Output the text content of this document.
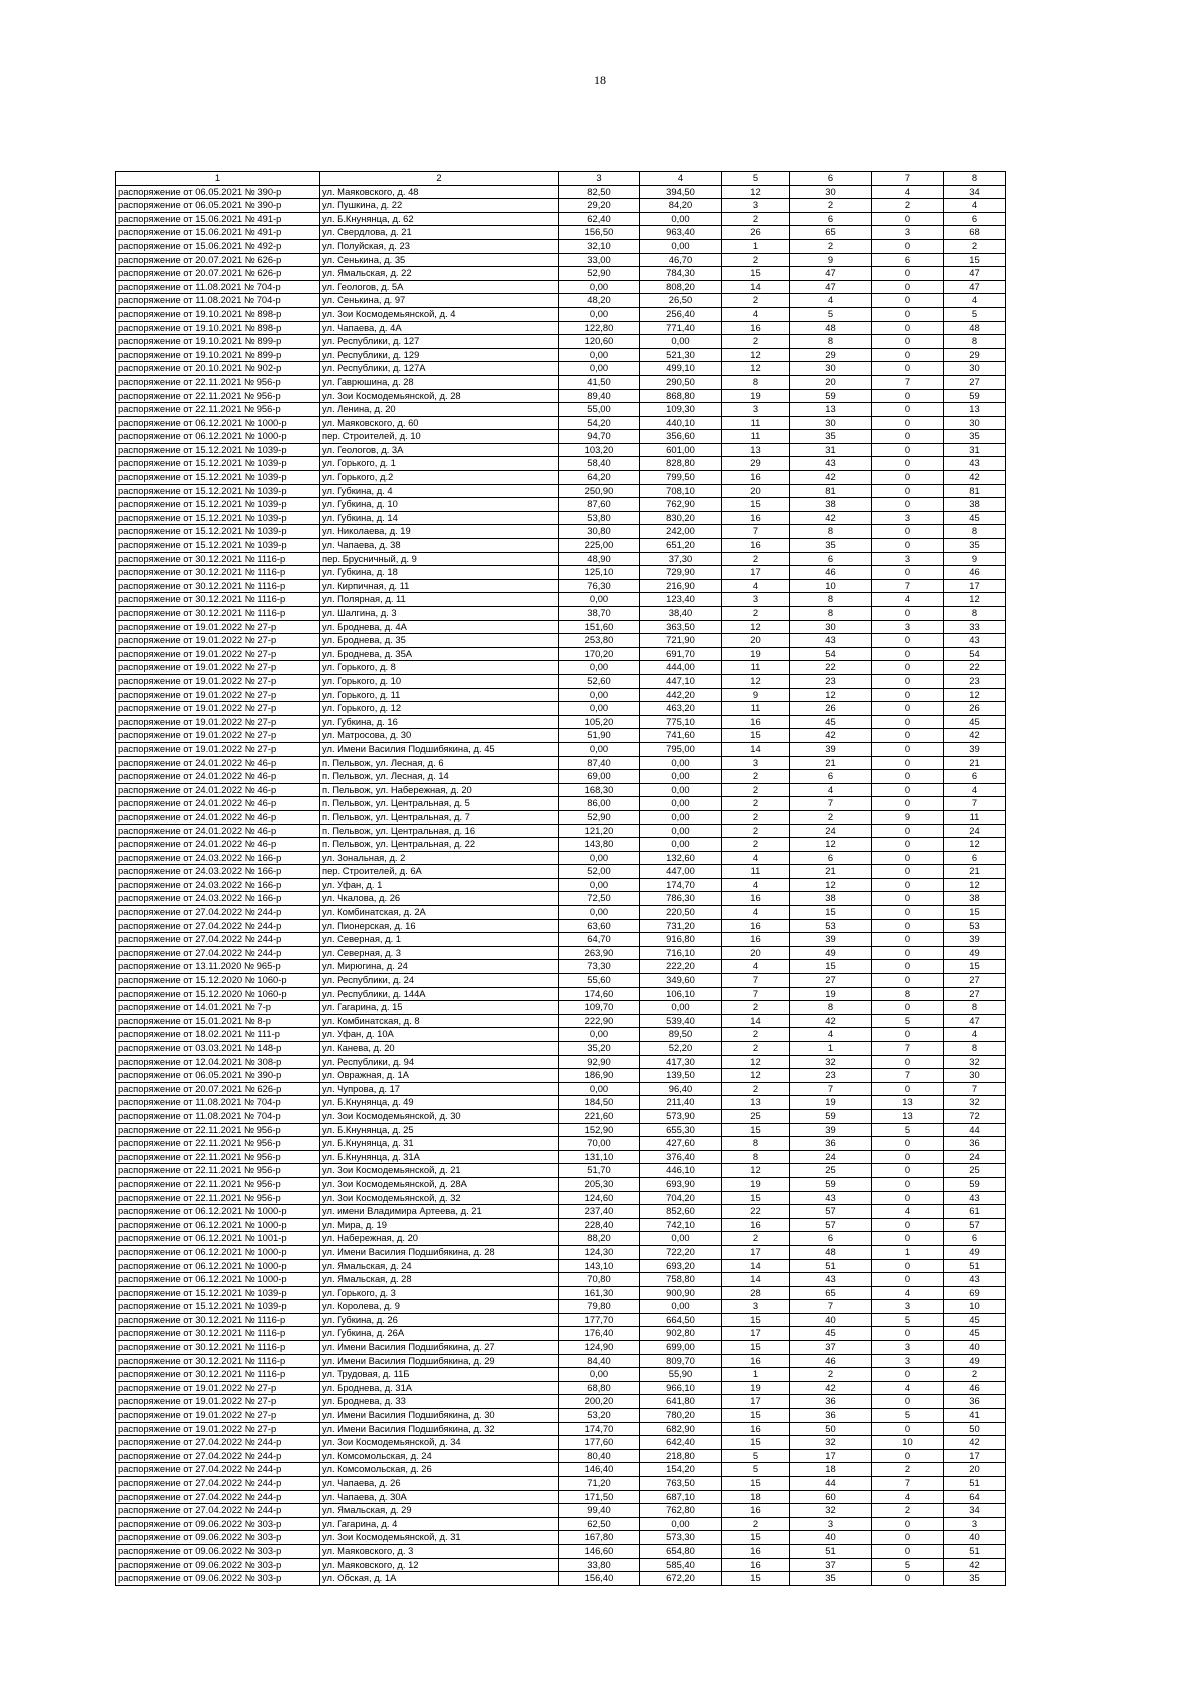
18
1	2	3	4	5	6	7	8
распоряжение от 06.05.2021 № 390-р	ул. Маяковского, д. 48	82,50	394,50	12	30	4	34
распоряжение от 06.05.2021 № 390-р	ул. Пушкина, д. 22	29,20	84,20	3	2	2	4
распоряжение от 15.06.2021 № 491-р	ул. Б.Кнунянца, д. 62	62,40	0,00	2	6	0	6
распоряжение от 15.06.2021 № 491-р	ул. Свердлова, д. 21	156,50	963,40	26	65	3	68
распоряжение от 15.06.2021 № 492-р	ул. Полуйская, д. 23	32,10	0,00	1	2	0	2
распоряжение от 20.07.2021 № 626-р	ул. Сенькина, д. 35	33,00	46,70	2	9	6	15
распоряжение от 20.07.2021 № 626-р	ул. Ямальская, д. 22	52,90	784,30	15	47	0	47
распоряжение от 11.08.2021 № 704-р	ул. Геологов, д. 5А	0,00	808,20	14	47	0	47
распоряжение от 11.08.2021 № 704-р	ул. Сенькина, д. 97	48,20	26,50	2	4	0	4
распоряжение от 19.10.2021 № 898-р	ул. Зои Космодемьянской, д. 4	0,00	256,40	4	5	0	5
распоряжение от 19.10.2021 № 898-р	ул. Чапаева, д. 4А	122,80	771,40	16	48	0	48
распоряжение от 19.10.2021 № 899-р	ул. Республики, д. 127	120,60	0,00	2	8	0	8
распоряжение от 19.10.2021 № 899-р	ул. Республики, д. 129	0,00	521,30	12	29	0	29
распоряжение от 20.10.2021 № 902-р	ул. Республики, д. 127А	0,00	499,10	12	30	0	30
распоряжение от 22.11.2021 № 956-р	ул. Гаврюшина, д. 28	41,50	290,50	8	20	7	27
распоряжение от 22.11.2021 № 956-р	ул. Зои Космодемьянской, д. 28	89,40	868,80	19	59	0	59
распоряжение от 22.11.2021 № 956-р	ул. Ленина, д. 20	55,00	109,30	3	13	0	13
распоряжение от 06.12.2021 № 1000-р	ул. Маяковского, д. 60	54,20	440,10	11	30	0	30
распоряжение от 06.12.2021 № 1000-р	пер. Строителей, д. 10	94,70	356,60	11	35	0	35
распоряжение от 15.12.2021 № 1039-р	ул. Геологов, д. 3А	103,20	601,00	13	31	0	31
распоряжение от 15.12.2021 № 1039-р	ул. Горького, д. 1	58,40	828,80	29	43	0	43
распоряжение от 15.12.2021 № 1039-р	ул. Горького, д.2	64,20	799,50	16	42	0	42
распоряжение от 15.12.2021 № 1039-р	ул. Губкина, д. 4	250,90	708,10	20	81	0	81
распоряжение от 15.12.2021 № 1039-р	ул. Губкина, д. 10	87,60	762,90	15	38	0	38
распоряжение от 15.12.2021 № 1039-р	ул. Губкина, д. 14	53,80	830,20	16	42	3	45
распоряжение от 15.12.2021 № 1039-р	ул. Николаева, д. 19	30,80	242,00	7	8	0	8
распоряжение от 15.12.2021 № 1039-р	ул. Чапаева, д. 38	225,00	651,20	16	35	0	35
распоряжение от 30.12.2021 № 1116-р	пер. Брусничный, д. 9	48,90	37,30	2	6	3	9
распоряжение от 30.12.2021 № 1116-р	ул. Губкина, д. 18	125,10	729,90	17	46	0	46
распоряжение от 30.12.2021 № 1116-р	ул. Кирпичная, д. 11	76,30	216,90	4	10	7	17
распоряжение от 30.12.2021 № 1116-р	ул. Полярная, д. 11	0,00	123,40	3	8	4	12
распоряжение от 30.12.2021 № 1116-р	ул. Шалгина, д. 3	38,70	38,40	2	8	0	8
распоряжение от 19.01.2022 № 27-р	ул. Броднева, д. 4А	151,60	363,50	12	30	3	33
распоряжение от 19.01.2022 № 27-р	ул. Броднева, д. 35	253,80	721,90	20	43	0	43
распоряжение от 19.01.2022 № 27-р	ул. Броднева, д. 35А	170,20	691,70	19	54	0	54
распоряжение от 19.01.2022 № 27-р	ул. Горького, д. 8	0,00	444,00	11	22	0	22
распоряжение от 19.01.2022 № 27-р	ул. Горького, д. 10	52,60	447,10	12	23	0	23
распоряжение от 19.01.2022 № 27-р	ул. Горького, д. 11	0,00	442,20	9	12	0	12
распоряжение от 19.01.2022 № 27-р	ул. Горького, д. 12	0,00	463,20	11	26	0	26
распоряжение от 19.01.2022 № 27-р	ул. Губкина, д. 16	105,20	775,10	16	45	0	45
распоряжение от 19.01.2022 № 27-р	ул. Матросова, д. 30	51,90	741,60	15	42	0	42
распоряжение от 19.01.2022 № 27-р	ул. Имени Василия Подшибякина, д. 45	0,00	795,00	14	39	0	39
распоряжение от 24.01.2022 № 46-р	п. Пельвож, ул. Лесная, д. 6	87,40	0,00	3	21	0	21
распоряжение от 24.01.2022 № 46-р	п. Пельвож, ул. Лесная, д. 14	69,00	0,00	2	6	0	6
распоряжение от 24.01.2022 № 46-р	п. Пельвож, ул. Набережная, д. 20	168,30	0,00	2	4	0	4
распоряжение от 24.01.2022 № 46-р	п. Пельвож, ул. Центральная, д. 5	86,00	0,00	2	7	0	7
распоряжение от 24.01.2022 № 46-р	п. Пельвож, ул. Центральная, д. 7	52,90	0,00	2	2	9	11
распоряжение от 24.01.2022 № 46-р	п. Пельвож, ул. Центральная, д. 16	121,20	0,00	2	24	0	24
распоряжение от 24.01.2022 № 46-р	п. Пельвож, ул. Центральная, д. 22	143,80	0,00	2	12	0	12
распоряжение от 24.03.2022 № 166-р	ул. Зональная, д. 2	0,00	132,60	4	6	0	6
распоряжение от 24.03.2022 № 166-р	пер. Строителей, д. 6А	52,00	447,00	11	21	0	21
распоряжение от 24.03.2022 № 166-р	ул. Уфан, д. 1	0,00	174,70	4	12	0	12
распоряжение от 24.03.2022 № 166-р	ул. Чкалова, д. 26	72,50	786,30	16	38	0	38
распоряжение от 27.04.2022 № 244-р	ул. Комбинатская, д. 2А	0,00	220,50	4	15	0	15
распоряжение от 27.04.2022 № 244-р	ул. Пионерская, д. 16	63,60	731,20	16	53	0	53
распоряжение от 27.04.2022 № 244-р	ул. Северная, д. 1	64,70	916,80	16	39	0	39
распоряжение от 27.04.2022 № 244-р	ул. Северная, д. 3	263,90	716,10	20	49	0	49
распоряжение от 13.11.2020 № 965-р	ул. Мирюгина, д. 24	73,30	222,20	4	15	0	15
распоряжение от 15.12.2020 № 1060-р	ул. Республики, д. 24	55,60	349,60	7	27	0	27
распоряжение от 15.12.2020 № 1060-р	ул. Республики, д. 144А	174,60	106,10	7	19	8	27
распоряжение от 14.01.2021 № 7-р	ул. Гагарина, д. 15	109,70	0,00	2	8	0	8
распоряжение от 15.01.2021 № 8-р	ул. Комбинатская, д. 8	222,90	539,40	14	42	5	47
распоряжение от 18.02.2021 № 111-р	ул. Уфан, д. 10А	0,00	89,50	2	4	0	4
распоряжение от 03.03.2021 № 148-р	ул. Канева, д. 20	35,20	52,20	2	1	7	8
распоряжение от 12.04.2021 № 308-р	ул. Республики, д. 94	92,90	417,30	12	32	0	32
распоряжение от 06.05.2021 № 390-р	ул. Овражная, д. 1А	186,90	139,50	12	23	7	30
распоряжение от 20.07.2021 № 626-р	ул. Чупрова, д. 17	0,00	96,40	2	7	0	7
распоряжение от 11.08.2021 № 704-р	ул. Б.Кнунянца, д. 49	184,50	211,40	13	19	13	32
распоряжение от 11.08.2021 № 704-р	ул. Зои Космодемьянской, д. 30	221,60	573,90	25	59	13	72
распоряжение от 22.11.2021 № 956-р	ул. Б.Кнунянца, д. 25	152,90	655,30	15	39	5	44
распоряжение от 22.11.2021 № 956-р	ул. Б.Кнунянца, д. 31	70,00	427,60	8	36	0	36
распоряжение от 22.11.2021 № 956-р	ул. Б.Кнунянца, д. 31А	131,10	376,40	8	24	0	24
распоряжение от 22.11.2021 № 956-р	ул. Зои Космодемьянской, д. 21	51,70	446,10	12	25	0	25
распоряжение от 22.11.2021 № 956-р	ул. Зои Космодемьянской, д. 28А	205,30	693,90	19	59	0	59
распоряжение от 22.11.2021 № 956-р	ул. Зои Космодемьянской, д. 32	124,60	704,20	15	43	0	43
распоряжение от 06.12.2021 № 1000-р	ул. имени Владимира Артеева, д. 21	237,40	852,60	22	57	4	61
распоряжение от 06.12.2021 № 1000-р	ул. Мира, д. 19	228,40	742,10	16	57	0	57
распоряжение от 06.12.2021 № 1001-р	ул. Набережная, д. 20	88,20	0,00	2	6	0	6
распоряжение от 06.12.2021 № 1000-р	ул. Имени Василия Подшибякина, д. 28	124,30	722,20	17	48	1	49
распоряжение от 06.12.2021 № 1000-р	ул. Ямальская, д. 24	143,10	693,20	14	51	0	51
распоряжение от 06.12.2021 № 1000-р	ул. Ямальская, д. 28	70,80	758,80	14	43	0	43
распоряжение от 15.12.2021 № 1039-р	ул. Горького, д. 3	161,30	900,90	28	65	4	69
распоряжение от 15.12.2021 № 1039-р	ул. Королева, д. 9	79,80	0,00	3	7	3	10
распоряжение от 30.12.2021 № 1116-р	ул. Губкина, д. 26	177,70	664,50	15	40	5	45
распоряжение от 30.12.2021 № 1116-р	ул. Губкина, д. 26А	176,40	902,80	17	45	0	45
распоряжение от 30.12.2021 № 1116-р	ул. Имени Василия Подшибякина, д. 27	124,90	699,00	15	37	3	40
распоряжение от 30.12.2021 № 1116-р	ул. Имени Василия Подшибякина, д. 29	84,40	809,70	16	46	3	49
распоряжение от 30.12.2021 № 1116-р	ул. Трудовая, д. 11Б	0,00	55,90	1	2	0	2
распоряжение от 19.01.2022 № 27-р	ул. Броднева, д. 31А	68,80	966,10	19	42	4	46
распоряжение от 19.01.2022 № 27-р	ул. Броднева, д. 33	200,20	641,80	17	36	0	36
распоряжение от 19.01.2022 № 27-р	ул. Имени Василия Подшибякина, д. 30	53,20	780,20	15	36	5	41
распоряжение от 19.01.2022 № 27-р	ул. Имени Василия Подшибякина, д. 32	174,70	682,90	16	50	0	50
распоряжение от 27.04.2022 № 244-р	ул. Зои Космодемьянской, д. 34	177,60	642,40	15	32	10	42
распоряжение от 27.04.2022 № 244-р	ул. Комсомольская, д. 24	80,40	218,80	5	17	0	17
распоряжение от 27.04.2022 № 244-р	ул. Комсомольская, д. 26	146,40	154,20	5	18	2	20
распоряжение от 27.04.2022 № 244-р	ул. Чапаева, д. 26	71,20	763,50	15	44	7	51
распоряжение от 27.04.2022 № 244-р	ул. Чапаева, д. 30А	171,50	687,10	18	60	4	64
распоряжение от 27.04.2022 № 244-р	ул. Ямальская, д. 29	99,40	762,80	16	32	2	34
распоряжение от 09.06.2022 № 303-р	ул. Гагарина, д. 4	62,50	0,00	2	3	0	3
распоряжение от 09.06.2022 № 303-р	ул. Зои Космодемьянской, д. 31	167,80	573,30	15	40	0	40
распоряжение от 09.06.2022 № 303-р	ул. Маяковского, д. 3	146,60	654,80	16	51	0	51
распоряжение от 09.06.2022 № 303-р	ул. Маяковского, д. 12	33,80	585,40	16	37	5	42
распоряжение от 09.06.2022 № 303-р	ул. Обская, д. 1А	156,40	672,20	15	35	0	35
